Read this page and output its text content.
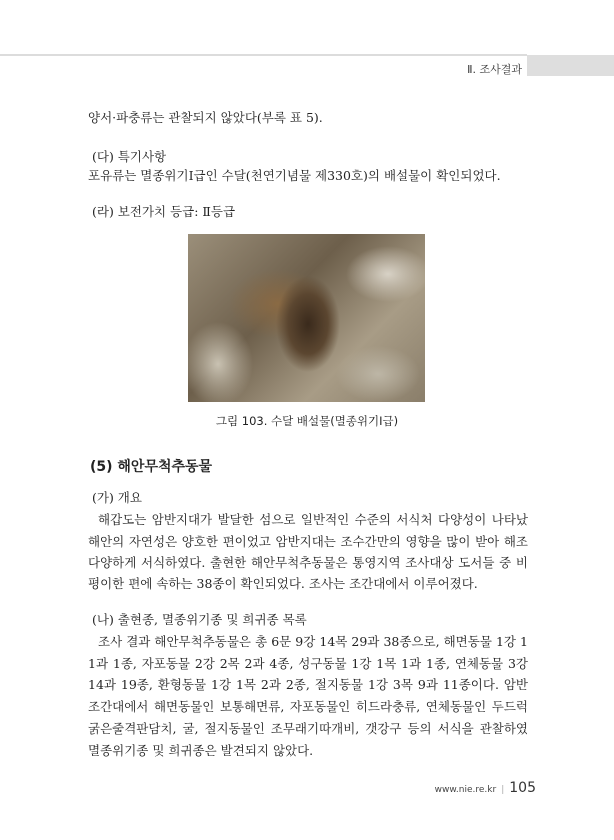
Ⅱ. 조사결과
양서·파충류는 관찰되지 않았다(부록 표 5).
(다) 특기사항
포유류는 멸종위기Ⅰ급인 수달(천연기념물 제330호)의 배설물이 확인되었다.
(라) 보전가치 등급: Ⅱ등급
그림 103. 수달 배설물(멸종위기Ⅰ급)
(5) 해안무척추동물
(가) 개요
해갑도는 암반지대가 발달한 섬으로 일반적인 수준의 서식처 다양성이 나타났
해안의 자연성은 양호한 편이었고 암반지대는 조수간만의 영향을 많이 받아 해조
다양하게 서식하였다. 출현한 해안무척추동물은 통영지역 조사대상 도서들 중 비
평이한 편에 속하는 38종이 확인되었다. 조사는 조간대에서 이루어졌다.
(나) 출현종, 멸종위기종 및 희귀종 목록
조사 결과 해안무척추동물은 총 6문 9강 14목 29과 38종으로, 해면동물 1강 1
1과 1종, 자포동물 2강 2목 2과 4종, 성구동물 1강 1목 1과 1종, 연체동물 3강
14과 19종, 환형동물 1강 1목 2과 2종, 절지동물 1강 3목 9과 11종이다. 암반
조간대에서 해면동물인 보통해면류, 자포동물인 히드라충류, 연체동물인 두드럭
굵은줄격판담치, 굴, 절지동물인 조무래기따개비, 갯강구 등의 서식을 관찰하였
멸종위기종 및 희귀종은 발견되지 않았다.
www.nie.re.kr | 105
